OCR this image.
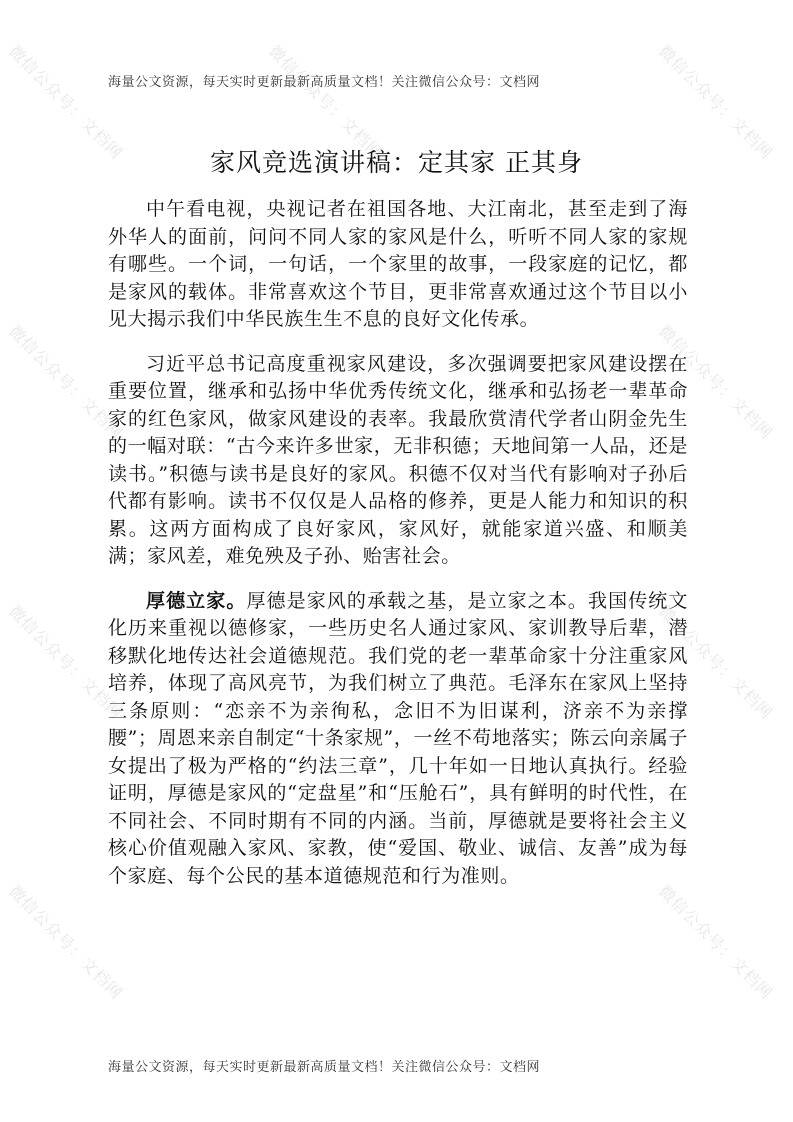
微信公众号：文档网	微信公众号：文档网	微信公众号：文档网
微信公众号：文档网	微信公众号：文档网
微信公众号：文档网	微信公众号：文档网
微信公众号：文档网	微信公众号：文档网
海量公文资源，每天实时更新最新高质量文档！关注微信公众号：文档网
家风竞选演讲稿：定其家 正其身

中午看电视，央视记者在祖国各地、大江南北，甚至走到了海外华人的面前，问问不同人家的家风是什么，听听不同人家的家规有哪些。一个词，一句话，一个家里的故事，一段家庭的记忆，都是家风的载体。非常喜欢这个节目，更非常喜欢通过这个节目以小见大揭示我们中华民族生生不息的良好文化传承。

习近平总书记高度重视家风建设，多次强调要把家风建设摆在重要位置，继承和弘扬中华优秀传统文化，继承和弘扬老一辈革命家的红色家风，做家风建设的表率。我最欣赏清代学者山阴金先生的一幅对联：“古今来许多世家，无非积德；天地间第一人品，还是读书。”积德与读书是良好的家风。积德不仅对当代有影响对子孙后代都有影响。读书不仅仅是人品格的修养，更是人能力和知识的积累。这两方面构成了良好家风，家风好，就能家道兴盛、和顺美满；家风差，难免殃及子孙、贻害社会。

厚德立家。厚德是家风的承载之基，是立家之本。我国传统文化历来重视以德修家，一些历史名人通过家风、家训教导后辈，潜移默化地传达社会道德规范。我们党的老一辈革命家十分注重家风培养，体现了高风亮节，为我们树立了典范。毛泽东在家风上坚持三条原则：“恋亲不为亲徇私，念旧不为旧谋利，济亲不为亲撑腰”；周恩来亲自制定“十条家规”，一丝不苟地落实；陈云向亲属子女提出了极为严格的“约法三章”，几十年如一日地认真执行。经验证明，厚德是家风的“定盘星”和“压舱石”，具有鲜明的时代性，在不同社会、不同时期有不同的内涵。当前，厚德就是要将社会主义核心价值观融入家风、家教，使“爱国、敬业、诚信、友善”成为每个家庭、每个公民的基本道德规范和行为准则。

海量公文资源，每天实时更新最新高质量文档！关注微信公众号：文档网
